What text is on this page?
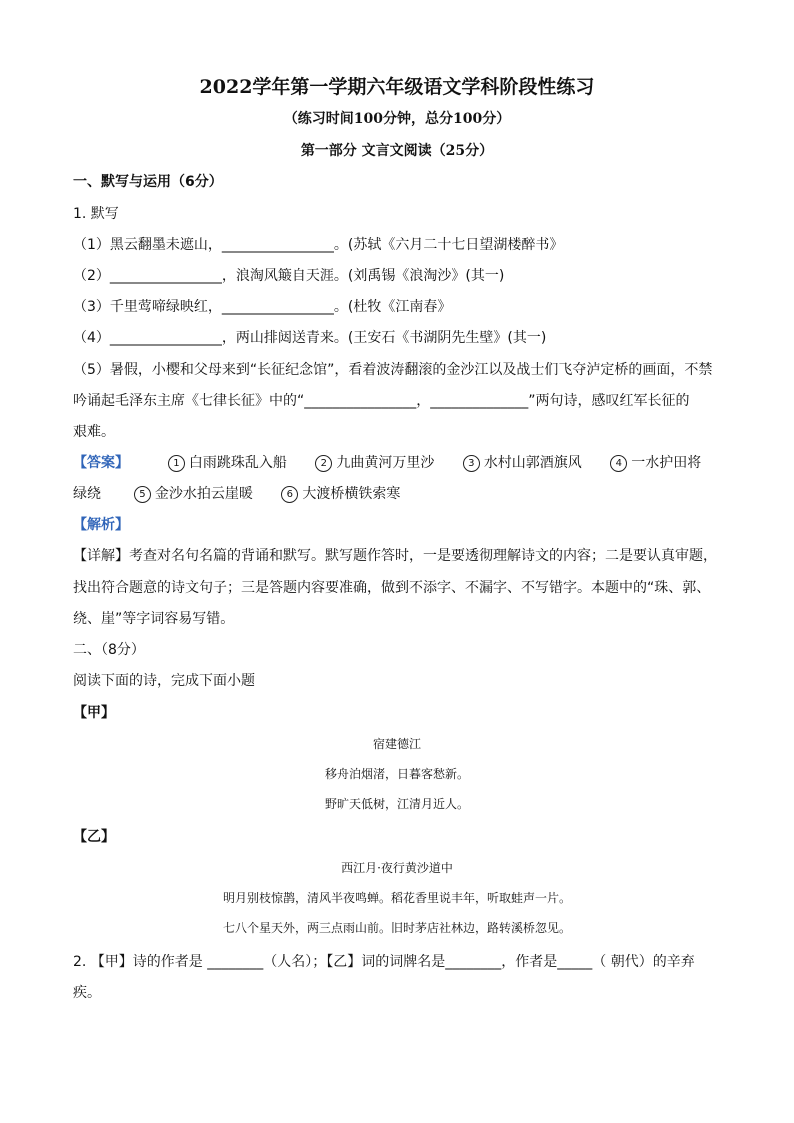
2022学年第一学期六年级语文学科阶段性练习
（练习时间100分钟，总分100分）
第一部分 文言文阅读（25分）
一、默写与运用（6分）
1. 默写
（1）黑云翻墨未遮山，________________。(苏轼《六月二十七日望湖楼醉书》
（2）________________，浪淘风簸自天涯。(刘禹锡《浪淘沙》(其一)
（3）千里莺啼绿映红，________________。(杜牧《江南春》
（4）________________，两山排闼送青来。(王安石《书湖阴先生壁》(其一)
（5）暑假，小樱和父母来到“长征纪念馆”，看着波涛翻滚的金沙江以及战士们飞夺泸定桥的画面，不禁
吟诵起毛泽东主席《七律长征》中的“________________，______________”两句诗，感叹红军长征的
艰难。
【答案】	1 白雨跳珠乱入船	2 九曲黄河万里沙	3 水村山郭酒旗风	4 一水护田将
绿绕	5 金沙水拍云崖暖	6 大渡桥横铁索寒
【解析】
【详解】考查对名句名篇的背诵和默写。默写题作答时，一是要透彻理解诗文的内容；二是要认真审题，
找出符合题意的诗文句子；三是答题内容要准确，做到不添字、不漏字、不写错字。本题中的“珠、郭、
绕、崖”等字词容易写错。
二、（8分）
阅读下面的诗，完成下面小题
【甲】
宿建德江
移舟泊烟渚，日暮客愁新。
野旷天低树，江清月近人。
【乙】
西江月·夜行黄沙道中
明月别枝惊鹊，清风半夜鸣蝉。稻花香里说丰年，听取蛙声一片。
七八个星天外，两三点雨山前。旧时茅店社林边，路转溪桥忽见。
2. 【甲】诗的作者是 ________（人名）；【乙】词的词牌名是________，作者是_____（ 朝代）的辛弃
疾。
